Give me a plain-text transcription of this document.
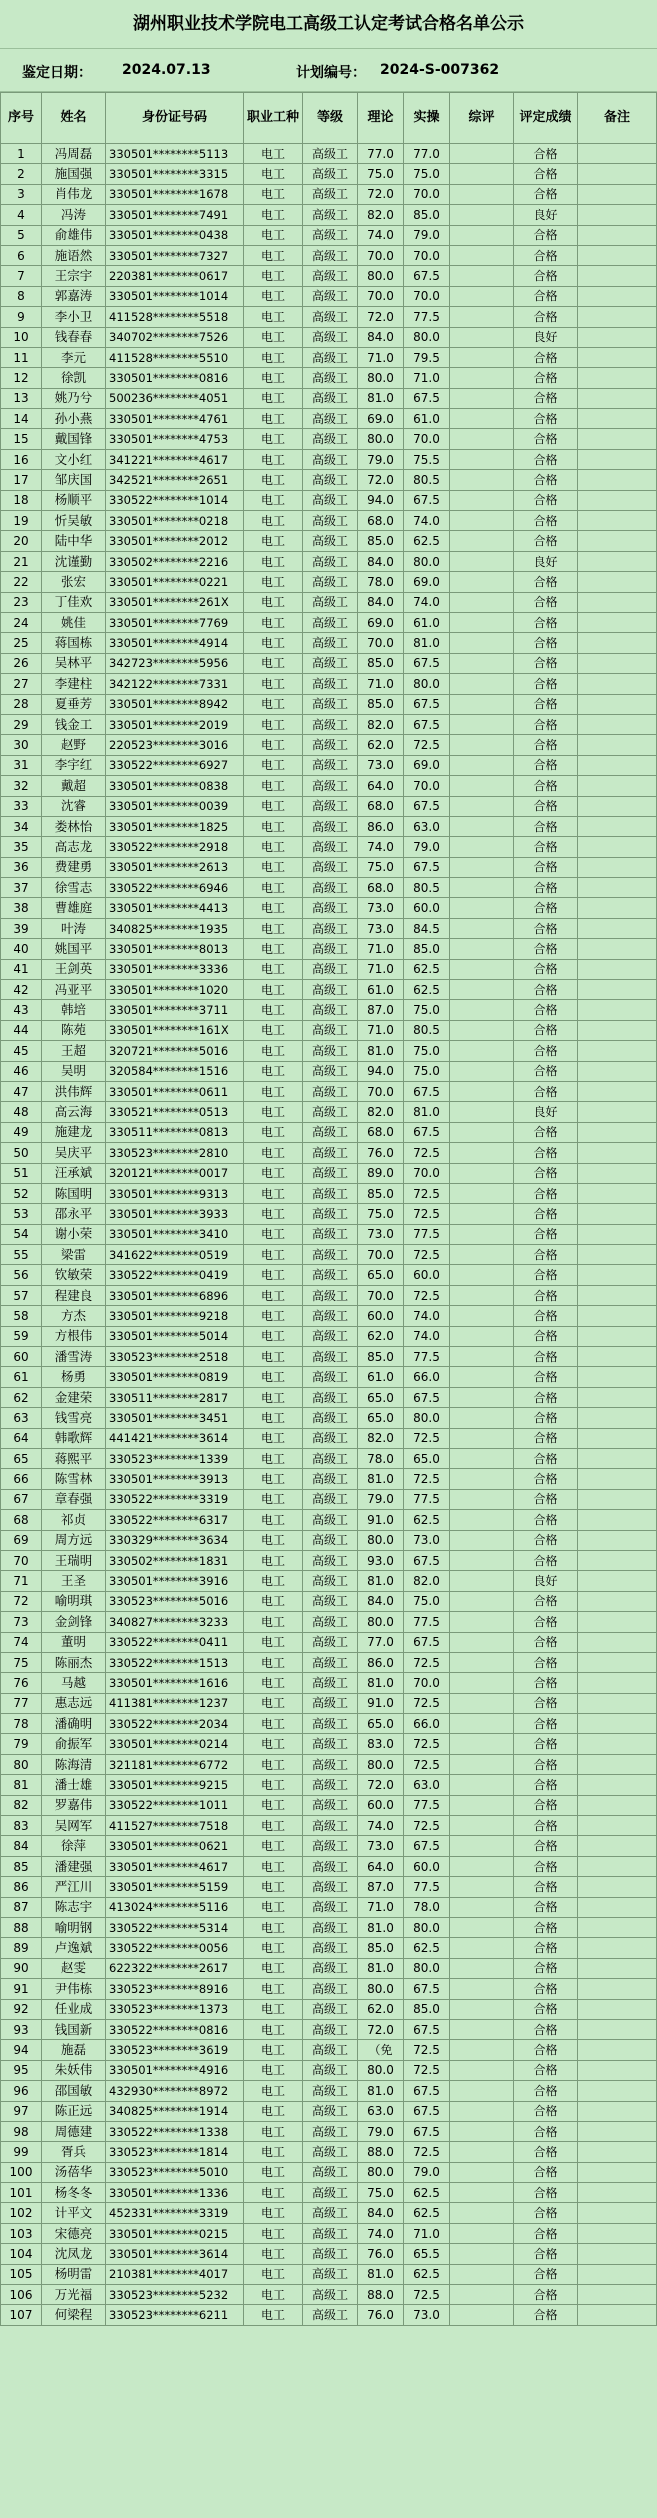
湖州职业技术学院电工高级工认定考试合格名单公示
鉴定日期： 2024.07.13	计划编号： 2024-S-007362
序号	姓名	身份证号码	职业工种	等级	理论	实操	综评	评定成绩	备注
1	冯周磊	330501********5113	电工	高级工	77.0	77.0		合格	
2	施国强	330501********3315	电工	高级工	75.0	75.0		合格	
3	肖伟龙	330501********1678	电工	高级工	72.0	70.0		合格	
4	冯涛	330501********7491	电工	高级工	82.0	85.0		良好	
5	俞雄伟	330501********0438	电工	高级工	74.0	79.0		合格	
6	施语然	330501********7327	电工	高级工	70.0	70.0		合格	
7	王宗宇	220381********0617	电工	高级工	80.0	67.5		合格	
8	郭嘉涛	330501********1014	电工	高级工	70.0	70.0		合格	
9	李小卫	411528********5518	电工	高级工	72.0	77.5		合格	
10	钱春春	340702********7526	电工	高级工	84.0	80.0		良好	
11	李元	411528********5510	电工	高级工	71.0	79.5		合格	
12	徐凯	330501********0816	电工	高级工	80.0	71.0		合格	
13	姚乃兮	500236********4051	电工	高级工	81.0	67.5		合格	
14	孙小燕	330501********4761	电工	高级工	69.0	61.0		合格	
15	戴国锋	330501********4753	电工	高级工	80.0	70.0		合格	
16	文小红	341221********4617	电工	高级工	79.0	75.5		合格	
17	邹庆国	342521********2651	电工	高级工	72.0	80.5		合格	
18	杨顺平	330522********1014	电工	高级工	94.0	67.5		合格	
19	忻吴敏	330501********0218	电工	高级工	68.0	74.0		合格	
20	陆中华	330501********2012	电工	高级工	85.0	62.5		合格	
21	沈谨勤	330502********2216	电工	高级工	84.0	80.0		良好	
22	张宏	330501********0221	电工	高级工	78.0	69.0		合格	
23	丁佳欢	330501********261X	电工	高级工	84.0	74.0		合格	
24	姚佳	330501********7769	电工	高级工	69.0	61.0		合格	
25	蒋国栋	330501********4914	电工	高级工	70.0	81.0		合格	
26	吴林平	342723********5956	电工	高级工	85.0	67.5		合格	
27	李建柱	342122********7331	电工	高级工	71.0	80.0		合格	
28	夏垂芳	330501********8942	电工	高级工	85.0	67.5		合格	
29	钱金工	330501********2019	电工	高级工	82.0	67.5		合格	
30	赵野	220523********3016	电工	高级工	62.0	72.5		合格	
31	李宇红	330522********6927	电工	高级工	73.0	69.0		合格	
32	戴超	330501********0838	电工	高级工	64.0	70.0		合格	
33	沈睿	330501********0039	电工	高级工	68.0	67.5		合格	
34	娄林怡	330501********1825	电工	高级工	86.0	63.0		合格	
35	高志龙	330522********2918	电工	高级工	74.0	79.0		合格	
36	费建勇	330501********2613	电工	高级工	75.0	67.5		合格	
37	徐雪志	330522********6946	电工	高级工	68.0	80.5		合格	
38	曹雄庭	330501********4413	电工	高级工	73.0	60.0		合格	
39	叶涛	340825********1935	电工	高级工	73.0	84.5		合格	
40	姚国平	330501********8013	电工	高级工	71.0	85.0		合格	
41	王剑英	330501********3336	电工	高级工	71.0	62.5		合格	
42	冯亚平	330501********1020	电工	高级工	61.0	62.5		合格	
43	韩培	330501********3711	电工	高级工	87.0	75.0		合格	
44	陈苑	330501********161X	电工	高级工	71.0	80.5		合格	
45	王超	320721********5016	电工	高级工	81.0	75.0		合格	
46	吴明	320584********1516	电工	高级工	94.0	75.0		合格	
47	洪伟辉	330501********0611	电工	高级工	70.0	67.5		合格	
48	高云海	330521********0513	电工	高级工	82.0	81.0		良好	
49	施建龙	330511********0813	电工	高级工	68.0	67.5		合格	
50	吴庆平	330523********2810	电工	高级工	76.0	72.5		合格	
51	汪承斌	320121********0017	电工	高级工	89.0	70.0		合格	
52	陈国明	330501********9313	电工	高级工	85.0	72.5		合格	
53	邵永平	330501********3933	电工	高级工	75.0	72.5		合格	
54	谢小荣	330501********3410	电工	高级工	73.0	77.5		合格	
55	梁雷	341622********0519	电工	高级工	70.0	72.5		合格	
56	钦敏荣	330522********0419	电工	高级工	65.0	60.0		合格	
57	程建良	330501********6896	电工	高级工	70.0	72.5		合格	
58	方杰	330501********9218	电工	高级工	60.0	74.0		合格	
59	方根伟	330501********5014	电工	高级工	62.0	74.0		合格	
60	潘雪涛	330523********2518	电工	高级工	85.0	77.5		合格	
61	杨勇	330501********0819	电工	高级工	61.0	66.0		合格	
62	金建荣	330511********2817	电工	高级工	65.0	67.5		合格	
63	钱雪亮	330501********3451	电工	高级工	65.0	80.0		合格	
64	韩歌辉	441421********3614	电工	高级工	82.0	72.5		合格	
65	蒋熙平	330523********1339	电工	高级工	78.0	65.0		合格	
66	陈雪林	330501********3913	电工	高级工	81.0	72.5		合格	
67	章春强	330522********3319	电工	高级工	79.0	77.5		合格	
68	祁贞	330522********6317	电工	高级工	91.0	62.5		合格	
69	周方远	330329********3634	电工	高级工	80.0	73.0		合格	
70	王瑞明	330502********1831	电工	高级工	93.0	67.5		合格	
71	王圣	330501********3916	电工	高级工	81.0	82.0		良好	
72	喻明琪	330523********5016	电工	高级工	84.0	75.0		合格	
73	金剑锋	340827********3233	电工	高级工	80.0	77.5		合格	
74	董明	330522********0411	电工	高级工	77.0	67.5		合格	
75	陈丽杰	330522********1513	电工	高级工	86.0	72.5		合格	
76	马越	330501********1616	电工	高级工	81.0	70.0		合格	
77	惠志远	411381********1237	电工	高级工	91.0	72.5		合格	
78	潘确明	330522********2034	电工	高级工	65.0	66.0		合格	
79	俞振军	330501********0214	电工	高级工	83.0	72.5		合格	
80	陈海清	321181********6772	电工	高级工	80.0	72.5		合格	
81	潘士雄	330501********9215	电工	高级工	72.0	63.0		合格	
82	罗嘉伟	330522********1011	电工	高级工	60.0	77.5		合格	
83	吴网军	411527********7518	电工	高级工	74.0	72.5		合格	
84	徐萍	330501********0621	电工	高级工	73.0	67.5		合格	
85	潘建强	330501********4617	电工	高级工	64.0	60.0		合格	
86	严江川	330501********5159	电工	高级工	87.0	77.5		合格	
87	陈志宇	413024********5116	电工	高级工	71.0	78.0		合格	
88	喻明钢	330522********5314	电工	高级工	81.0	80.0		合格	
89	卢逸斌	330522********0056	电工	高级工	85.0	62.5		合格	
90	赵雯	622322********2617	电工	高级工	81.0	80.0		合格	
91	尹伟栋	330523********8916	电工	高级工	80.0	67.5		合格	
92	任业成	330523********1373	电工	高级工	62.0	85.0		合格	
93	钱国新	330522********0816	电工	高级工	72.0	67.5		合格	
94	施磊	330523********3619	电工	高级工	（免	72.5		合格	
95	朱妖伟	330501********4916	电工	高级工	80.0	72.5		合格	
96	邵国敏	432930********8972	电工	高级工	81.0	67.5		合格	
97	陈正远	340825********1914	电工	高级工	63.0	67.5		合格	
98	周德建	330522********1338	电工	高级工	79.0	67.5		合格	
99	胥兵	330523********1814	电工	高级工	88.0	72.5		合格	
100	汤蓓华	330523********5010	电工	高级工	80.0	79.0		合格	
101	杨冬冬	330501********1336	电工	高级工	75.0	62.5		合格	
102	计平文	452331********3319	电工	高级工	84.0	62.5		合格	
103	宋德亮	330501********0215	电工	高级工	74.0	71.0		合格	
104	沈凤龙	330501********3614	电工	高级工	76.0	65.5		合格	
105	杨明雷	210381********4017	电工	高级工	81.0	62.5		合格	
106	万光福	330523********5232	电工	高级工	88.0	72.5		合格	
107	何梁程	330523********6211	电工	高级工	76.0	73.0		合格	
